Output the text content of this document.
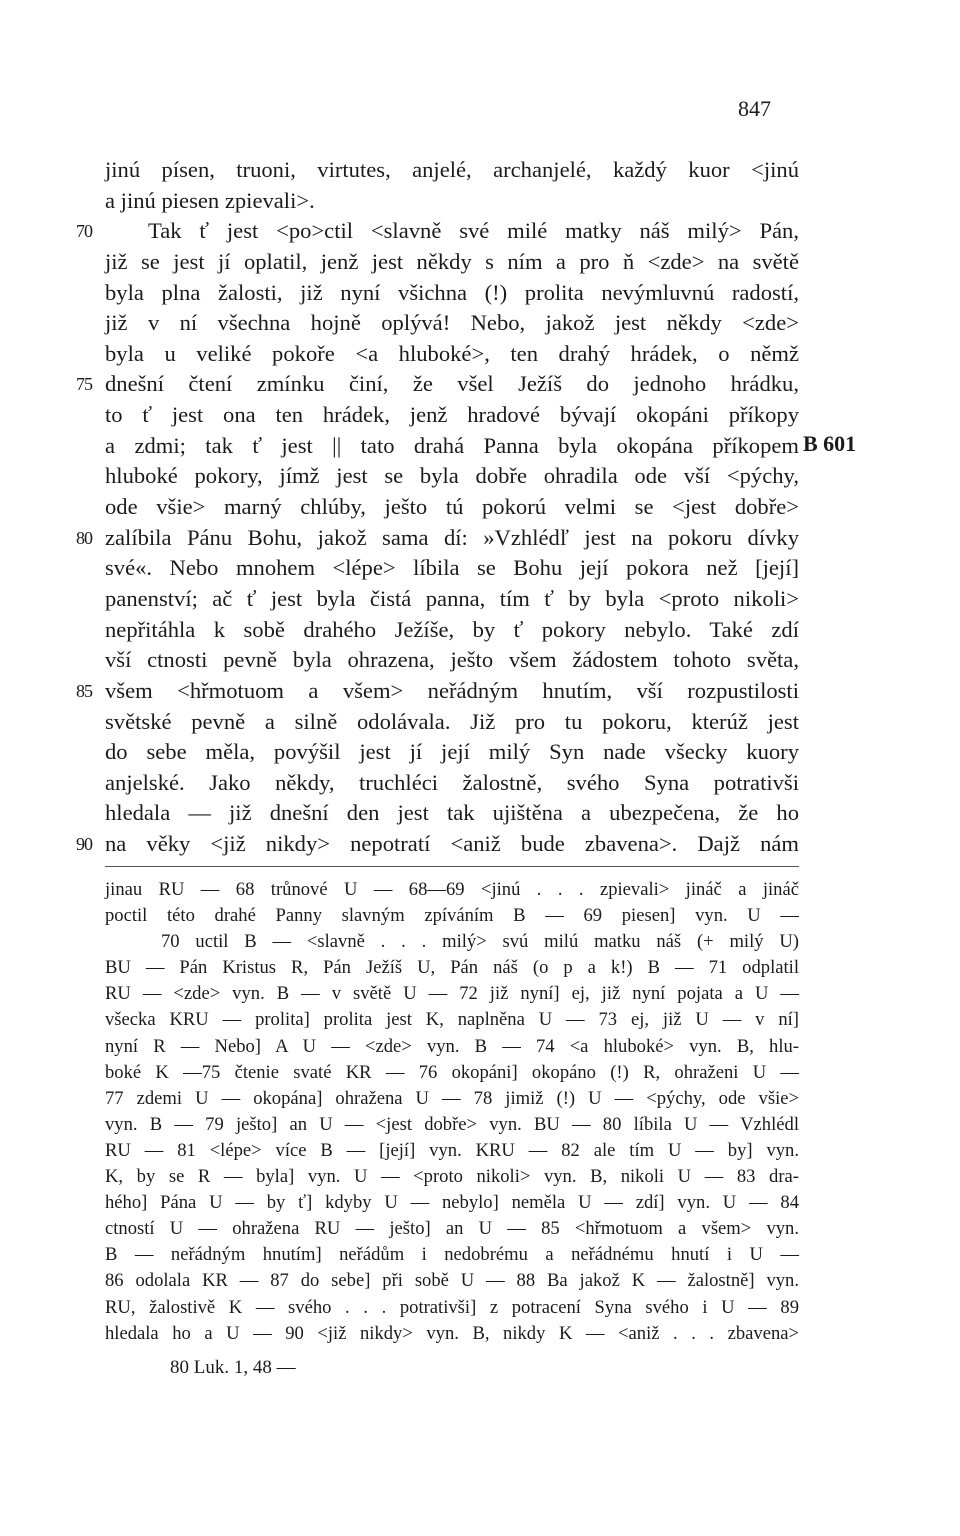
847
jinú písen, truoni, virtutes, anjelé, archanjelé, každý kuor <jinú
a jinú piesen zpievali>.
70 Tak ť jest <po>ctil <slavně své milé matky náš milý> Pán,
již se jest jí oplatil, jenž jest někdy s ním a pro ň <zde> na světě
byla plna žalosti, již nyní všichna (!) prolita nevýmluvnú radostí,
již v ní všechna hojně oplývá! Nebo, jakož jest někdy <zde>
byla u veliké pokoře <a hluboké>, ten drahý hrádek, o němž
75 dnešní čtení zmínku činí, že všel Ježíš do jednoho hrádku,
to ť jest ona ten hrádek, jenž hradové bývají okopáni příkopy
a zdmi; tak ť jest || tato drahá Panna byla okopána příkopem
hluboké pokory, jímž jest se byla dobře ohradila ode vší <pýchy,
ode všie> marný chlúby, ješto tú pokorú velmi se <jest dobře>
80 zalíbila Pánu Bohu, jakož sama dí: »Vzhlédľ jest na pokoru dívky
své«. Nebo mnohem <lépe> líbila se Bohu její pokora než [její]
panenství; ač ť jest byla čistá panna, tím ť by byla <proto nikoli>
nepřitáhla k sobě drahého Ježíše, by ť pokory nebylo. Také zdí
vší ctnosti pevně byla ohrazena, ješto všem žádostem tohoto světa,
85 všem <hřmotuom a všem> neřádným hnutím, vší rozpustilosti
světské pevně a silně odolávala. Již pro tu pokoru, kterúž jest
do sebe měla, povýšil jest jí její milý Syn nade všecky kuory
anjelské. Jako někdy, truchléci žalostně, svého Syna potrativši
hledala — již dnešní den jest tak ujištěna a ubezpečena, že ho
90 na věky <již nikdy> nepotratí <aniž bude zbavena>. Dajž nám
B 601
jinau RU — 68 trůnové U — 68—69 <jinú . . . zpievali> jináč a jináč
poctil této drahé Panny slavným zpíváním B — 69 piesen] vyn. U —
70 uctil B — <slavně . . . milý> svú milú matku náš (+ milý U)
BU — Pán Kristus R, Pán Ježíš U, Pán náš (o p a k!) B — 71 odplatil
RU — <zde> vyn. B — v světě U — 72 již nyní] ej, již nyní pojata a U —
všecka KRU — prolita] prolita jest K, naplněna U — 73 ej, již U — v ní]
nyní R — Nebo] A U — <zde> vyn. B — 74 <a hluboké> vyn. B, hlu-
boké K —75 čtenie svaté KR — 76 okopáni] okopáno (!) R, ohraženi U —
77 zdemi U — okopána] ohražena U — 78 jimiž (!) U — <pýchy, ode všie>
vyn. B — 79 ješto] an U — <jest dobře> vyn. BU — 80 líbila U — Vzhlédl
RU — 81 <lépe> více B — [její] vyn. KRU — 82 ale tím U — by] vyn.
K, by se R — byla] vyn. U — <proto nikoli> vyn. B, nikoli U — 83 dra-
hého] Pána U — by ť] kdyby U — nebylo] neměla U — zdí] vyn. U — 84
ctností U — ohražena RU — ješto] an U — 85 <hřmotuom a všem> vyn.
B — neřádným hnutím] neřádům i nedobrému a neřádnému hnutí i U —
86 odolala KR — 87 do sebe] při sobě U — 88 Ba jakož K — žalostně] vyn.
RU, žalostivě K — svého . . . potrativši] z potracení Syna svého i U — 89
hledala ho a U — 90 <již nikdy> vyn. B, nikdy K — <aniž . . . zbavena>
80 Luk. 1, 48 —
